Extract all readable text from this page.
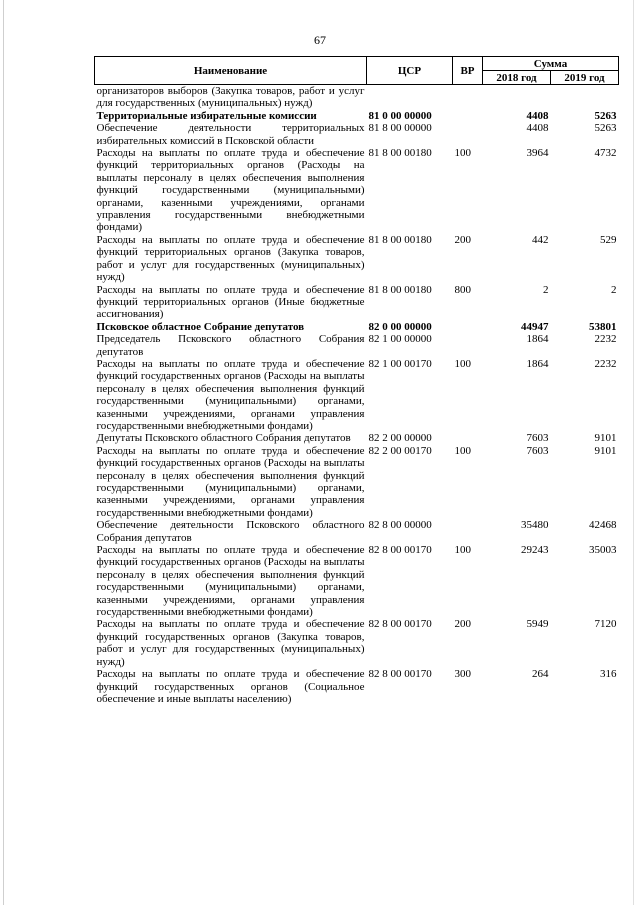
67
Наименование	ЦСР	ВР	Сумма	
			2018 год	2019 год
организаторов выборов (Закупка товаров, работ и услуг для государственных (муниципальных) нужд)				
Территориальные избирательные комиссии	81 0 00 00000		4408	5263
Обеспечение деятельности территориальных избирательных комиссий в Псковской области	81 8 00 00000		4408	5263
Расходы на выплаты по оплате труда и обеспечение функций территориальных органов (Расходы на выплаты персоналу в целях обеспечения выполнения функций государственными (муниципальными) органами, казенными учреждениями, органами управления государственными внебюджетными фондами)	81 8 00 00180	100	3964	4732
Расходы на выплаты по оплате труда и обеспечение функций территориальных органов (Закупка товаров, работ и услуг для государственных (муниципальных) нужд)	81 8 00 00180	200	442	529
Расходы на выплаты по оплате труда и обеспечение функций территориальных органов (Иные бюджетные ассигнования)	81 8 00 00180	800	2	2
Псковское областное Собрание депутатов	82 0 00 00000		44947	53801
Председатель Псковского областного Собрания депутатов	82 1 00 00000		1864	2232
Расходы на выплаты по оплате труда и обеспечение функций государственных органов (Расходы на выплаты персоналу в целях обеспечения выполнения функций государственными (муниципальными) органами, казенными учреждениями, органами управления государственными внебюджетными фондами)	82 1 00 00170	100	1864	2232
Депутаты Псковского областного Собрания депутатов	82 2 00 00000		7603	9101
Расходы на выплаты по оплате труда и обеспечение функций государственных органов (Расходы на выплаты персоналу в целях обеспечения выполнения функций государственными (муниципальными) органами, казенными учреждениями, органами управления государственными внебюджетными фондами)	82 2 00 00170	100	7603	9101
Обеспечение деятельности Псковского областного Собрания депутатов	82 8 00 00000		35480	42468
Расходы на выплаты по оплате труда и обеспечение функций государственных органов (Расходы на выплаты персоналу в целях обеспечения выполнения функций государственными (муниципальными) органами, казенными учреждениями, органами управления государственными внебюджетными фондами)	82 8 00 00170	100	29243	35003
Расходы на выплаты по оплате труда и обеспечение функций государственных органов (Закупка товаров, работ и услуг для государственных (муниципальных) нужд)	82 8 00 00170	200	5949	7120
Расходы на выплаты по оплате труда и обеспечение функций государственных органов (Социальное обеспечение и иные выплаты населению)	82 8 00 00170	300	264	316
